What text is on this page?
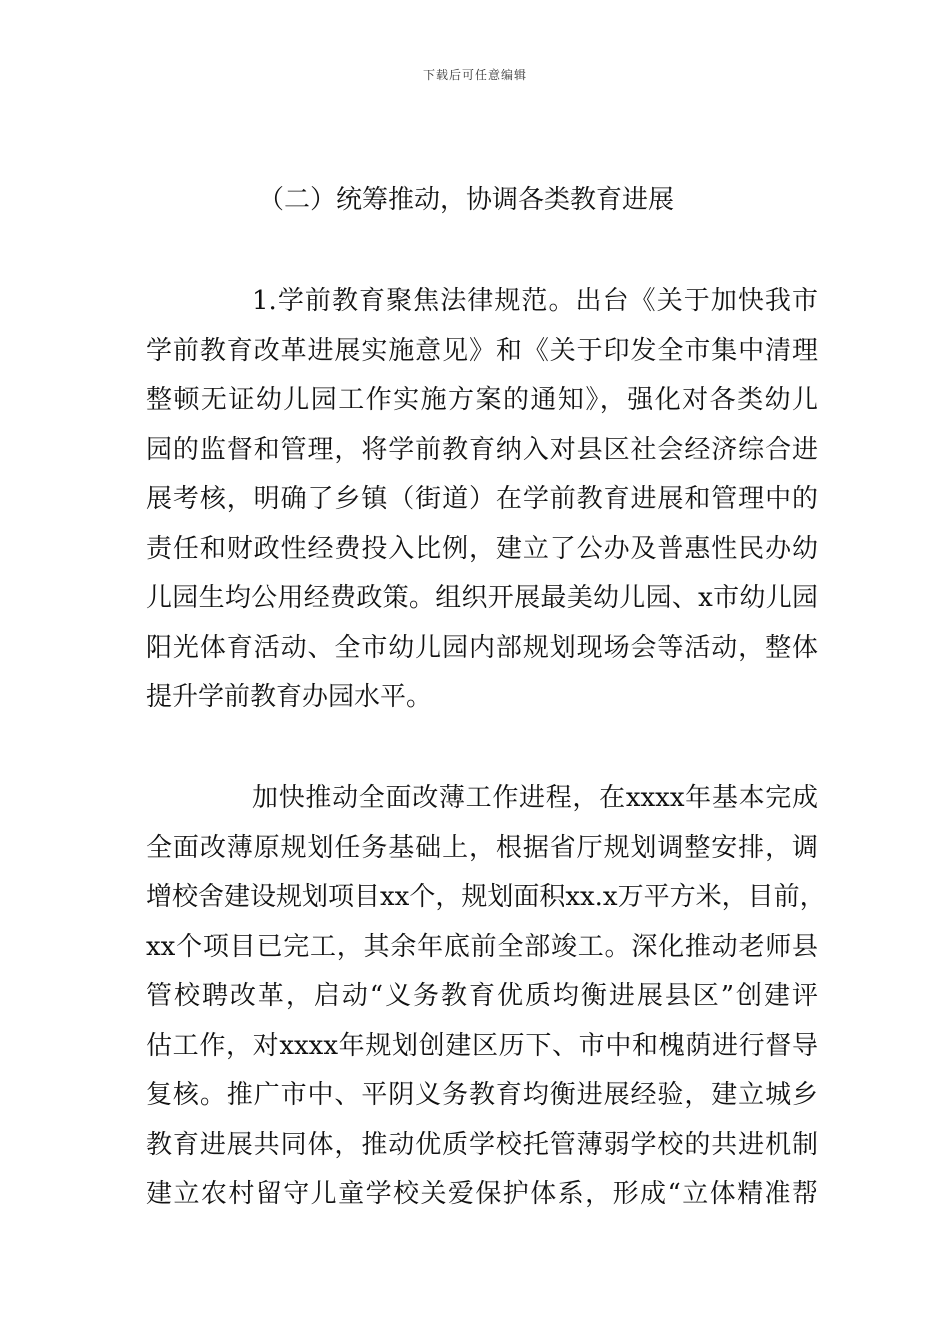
下载后可任意编辑
（二）统筹推动，协调各类教育进展
1.学前教育聚焦法律规范。出台《关于加快我市
学前教育改革进展实施意见》和《关于印发全市集中清理
整顿无证幼儿园工作实施方案的通知》，强化对各类幼儿
园的监督和管理，将学前教育纳入对县区社会经济综合进
展考核，明确了乡镇（街道）在学前教育进展和管理中的
责任和财政性经费投入比例，建立了公办及普惠性民办幼
儿园生均公用经费政策。组织开展最美幼儿园、x市幼儿园
阳光体育活动、全市幼儿园内部规划现场会等活动，整体
提升学前教育办园水平。
加快推动全面改薄工作进程，在xxxx年基本完成
全面改薄原规划任务基础上，根据省厅规划调整安排，调
增校舍建设规划项目xx个，规划面积xx.x万平方米，目前，
xx个项目已完工，其余年底前全部竣工。深化推动老师县
管校聘改革，启动“义务教育优质均衡进展县区”创建评
估工作，对xxxx年规划创建区历下、市中和槐荫进行督导
复核。推广市中、平阴义务教育均衡进展经验，建立城乡
教育进展共同体，推动优质学校托管薄弱学校的共进机制
建立农村留守儿童学校关爱保护体系，形成“立体精准帮
